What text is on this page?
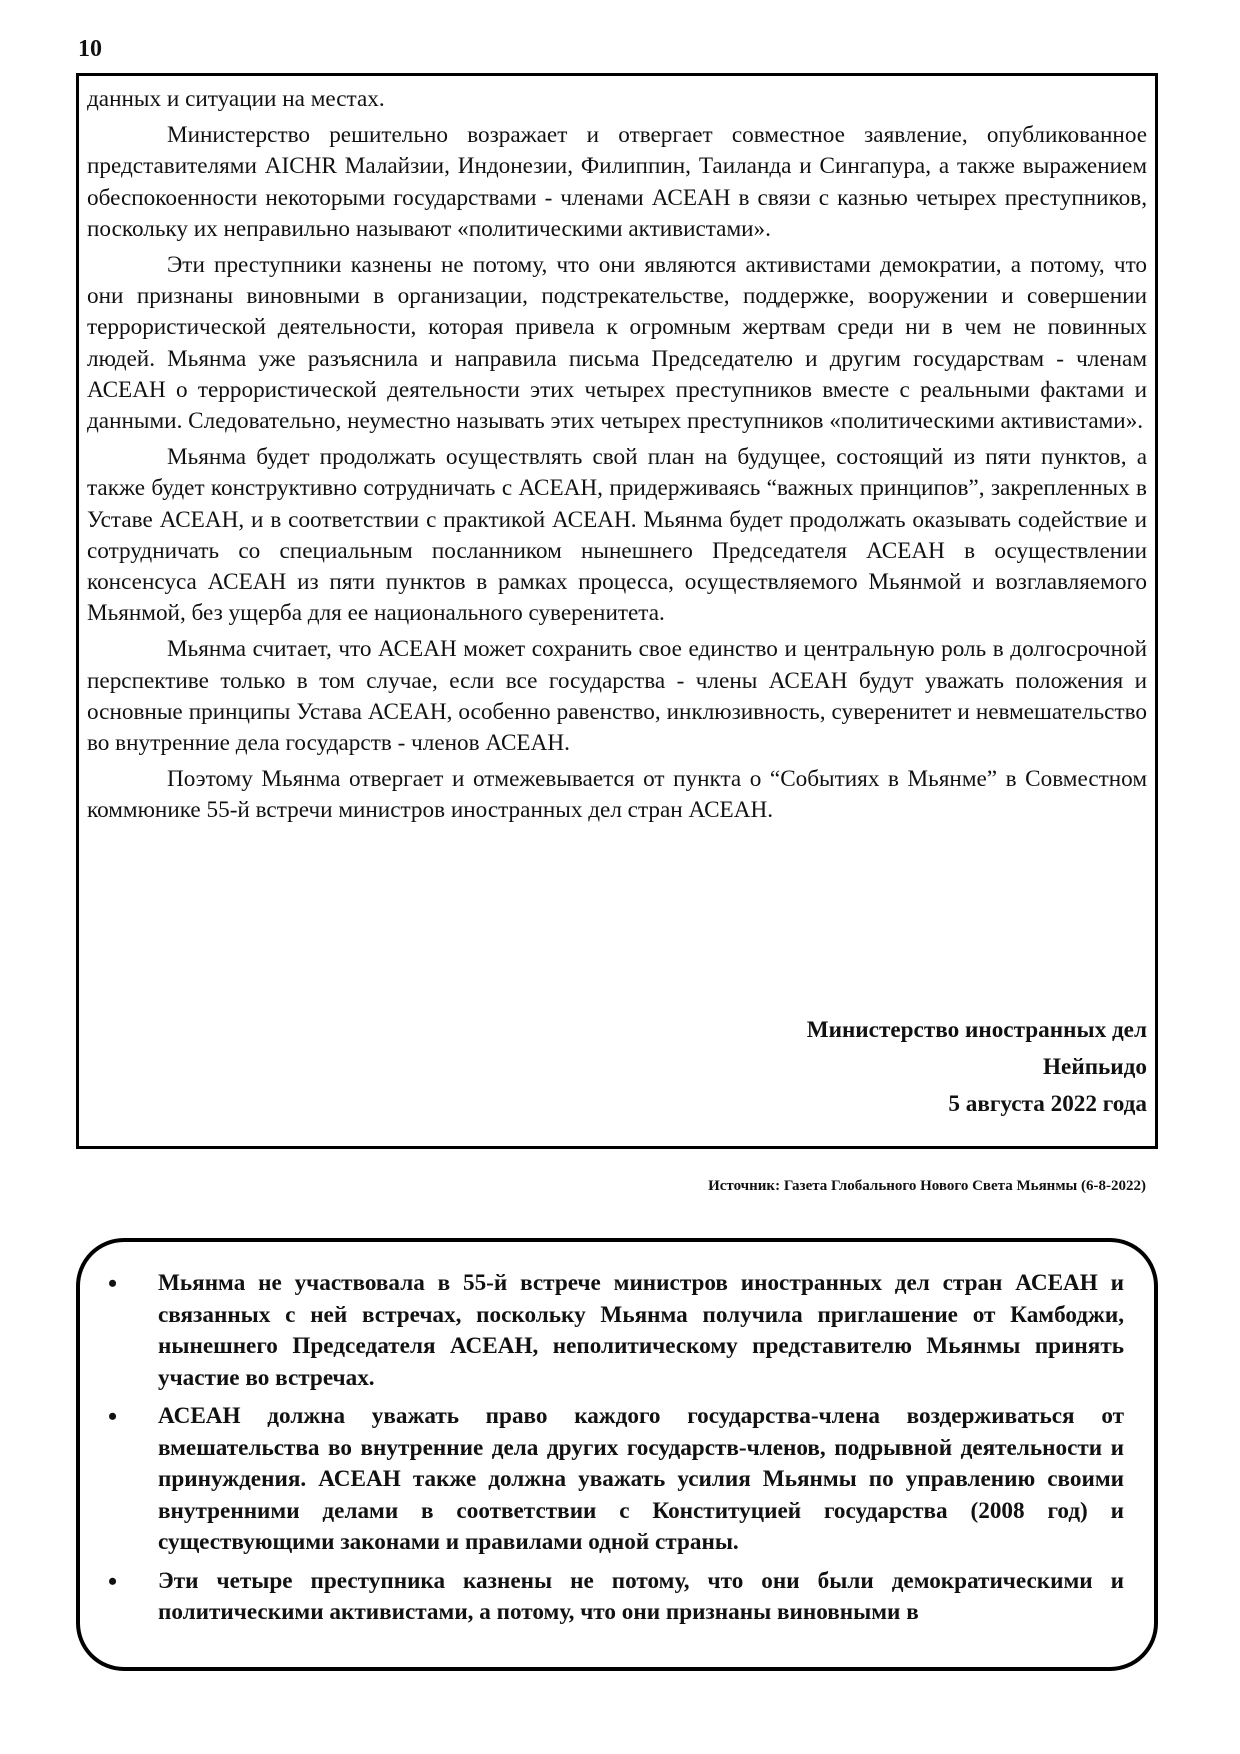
10

данных и ситуации на местах.

Министерство решительно возражает и отвергает совместное заявление, опубликованное представителями AICHR Малайзии, Индонезии, Филиппин, Таиланда и Сингапура, а также выражением обеспокоенности некоторыми государствами - членами АСЕАН в связи с казнью четырех преступников, поскольку их неправильно называют «политическими активистами».

Эти преступники казнены не потому, что они являются активистами демократии, а потому, что они признаны виновными в организации, подстрекательстве, поддержке, вооружении и совершении террористической деятельности, которая привела к огромным жертвам среди ни в чем не повинных людей. Мьянма уже разъяснила и направила письма Председателю и другим государствам - членам АСЕАН о террористической деятельности этих четырех преступников вместе с реальными фактами и данными. Следовательно, неуместно называть этих четырех преступников «политическими активистами».

Мьянма будет продолжать осуществлять свой план на будущее, состоящий из пяти пунктов, а также будет конструктивно сотрудничать с АСЕАН, придерживаясь “важных принципов”, закрепленных в Уставе АСЕАН, и в соответствии с практикой АСЕАН. Мьянма будет продолжать оказывать содействие и сотрудничать со специальным посланником нынешнего Председателя АСЕАН в осуществлении консенсуса АСЕАН из пяти пунктов в рамках процесса, осуществляемого Мьянмой и возглавляемого Мьянмой, без ущерба для ее национального суверенитета.

Мьянма считает, что АСЕАН может сохранить свое единство и центральную роль в долгосрочной перспективе только в том случае, если все государства - члены АСЕАН будут уважать положения и основные принципы Устава АСЕАН, особенно равенство, инклюзивность, суверенитет и невмешательство во внутренние дела государств - членов АСЕАН.

Поэтому Мьянма отвергает и отмежевывается от пункта о “Событиях в Мьянме” в Совместном коммюнике 55-й встречи министров иностранных дел стран АСЕАН.

Министерство иностранных дел
Нейпьидо
5 августа 2022 года
Источник: Газета Глобального Нового Света Мьянмы (6-8-2022)
• Мьянма не участвовала в 55-й встрече министров иностранных дел стран АСЕАН и связанных с ней встречах, поскольку Мьянма получила приглашение от Камбоджи, нынешнего Председателя АСЕАН, неполитическому представителю Мьянмы принять участие во встречах.
• АСЕАН должна уважать право каждого государства-члена воздерживаться от вмешательства во внутренние дела других государств-членов, подрывной деятельности и принуждения. АСЕАН также должна уважать усилия Мьянмы по управлению своими внутренними делами в соответствии с Конституцией государства (2008 год) и существующими законами и правилами одной страны.
• Эти четыре преступника казнены не потому, что они были демократическими и политическими активистами, а потому, что они признаны виновными в
